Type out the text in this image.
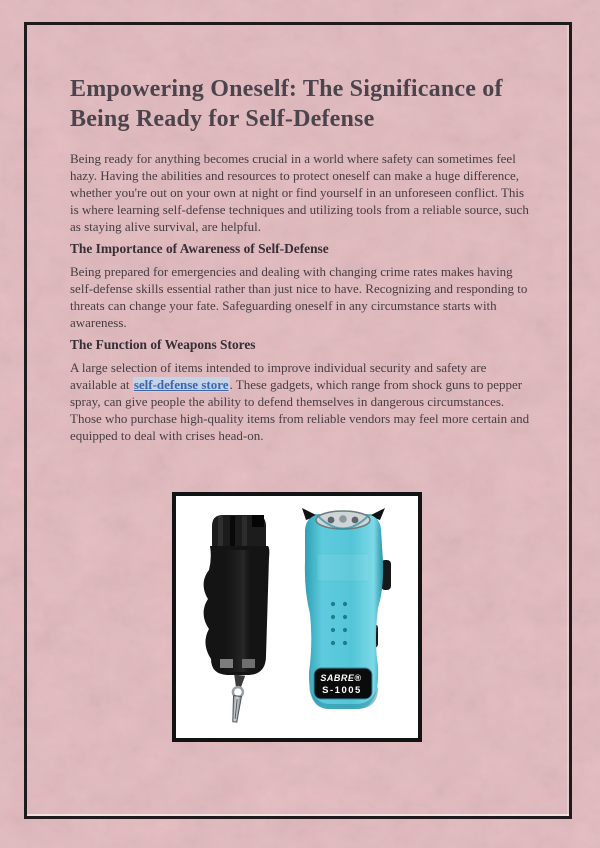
Empowering Oneself: The Significance of Being Ready for Self-Defense

Being ready for anything becomes crucial in a world where safety can sometimes feel hazy. Having the abilities and resources to protect oneself can make a huge difference, whether you're out on your own at night or find yourself in an unforeseen conflict. This is where learning self-defense techniques and utilizing tools from a reliable source, such as staying alive survival, are helpful.

The Importance of Awareness of Self-Defense

Being prepared for emergencies and dealing with changing crime rates makes having self-defense skills essential rather than just nice to have. Recognizing and responding to threats can change your fate. Safeguarding oneself in any circumstance starts with awareness.

The Function of Weapons Stores

A large selection of items intended to improve individual security and safety are available at self-defense store. These gadgets, which range from shock guns to pepper spray, can give people the ability to defend themselves in dangerous circumstances. Those who purchase high-quality items from reliable vendors may feel more certain and equipped to deal with crises head-on.

SABRE®
S-1005
